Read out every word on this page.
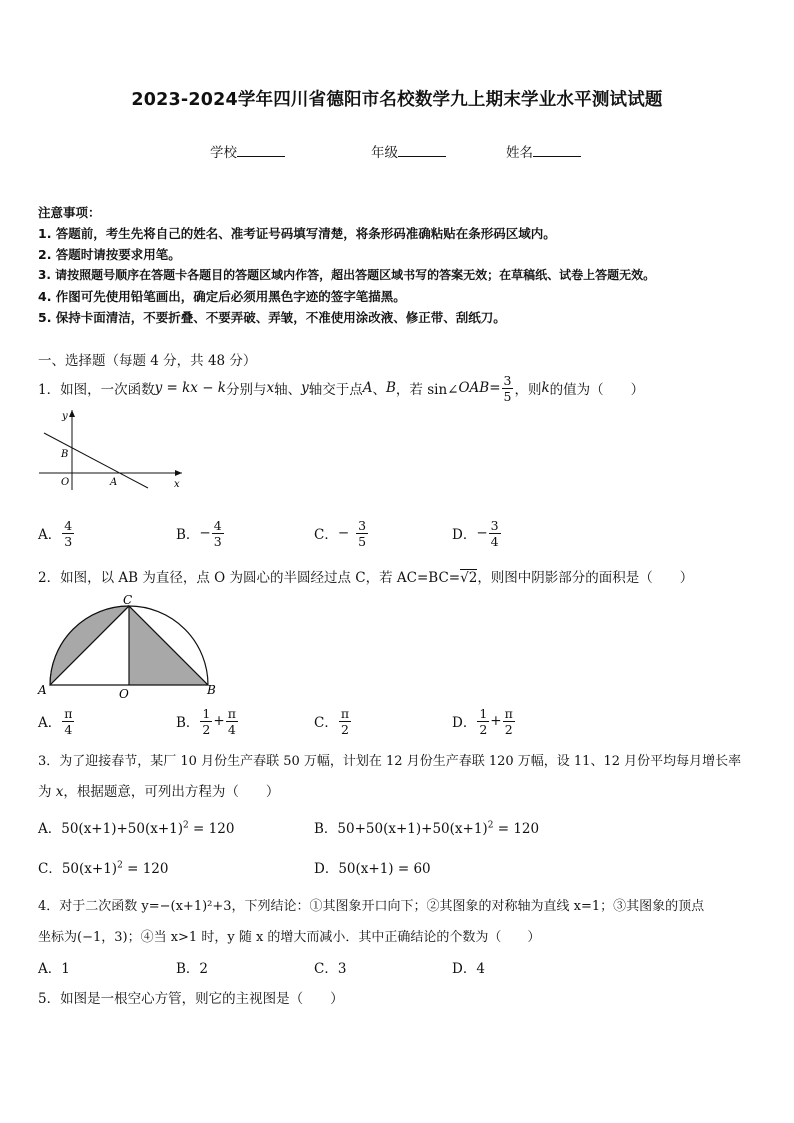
2023-2024学年四川省德阳市名校数学九上期末学业水平测试试题
学校	年级	姓名
注意事项：
1. 答题前，考生先将自己的姓名、准考证号码填写清楚，将条形码准确粘贴在条形码区域内。
2. 答题时请按要求用笔。
3. 请按照题号顺序在答题卡各题目的答题区域内作答，超出答题区域书写的答案无效；在草稿纸、试卷上答题无效。
4. 作图可先使用铅笔画出，确定后必须用黑色字迹的签字笔描黑。
5. 保持卡面清洁，不要折叠、不要弄破、弄皱，不准使用涂改液、修正带、刮纸刀。
一、选择题（每题 4 分，共 48 分）
1．如图，一次函数 y = kx − k 分别与 x 轴、 y 轴交于点 A 、 B ，若 sin∠ OAB = $\frac{3}{5}$ ，则 k 的值为（　　）
y
x
B
O	A
A． $\frac{4}{3}$	B． − $\frac{4}{3}$	C． − $\frac{3}{5}$	D． − $\frac{3}{4}$
2．如图，以 AB 为直径，点 O 为圆心的半圆经过点 C，若 AC=BC=√2，则图中阴影部分的面积是（　　）
C
A	O	B
A． $\frac{\pi}{4}$	B． $\frac{1}{2} + \frac{\pi}{4}$	C． $\frac{\pi}{2}$	D． $\frac{1}{2} + \frac{\pi}{2}$
3．为了迎接春节，某厂 10 月份生产春联 50 万幅，计划在 12 月份生产春联 120 万幅，设 11、12 月份平均每月增长率
为 x，根据题意，可列出方程为（　　）
A．$50(x+1)+50(x+1)^2 = 120$	B．$50+50(x+1)+50(x+1)^2 = 120$
C．$50(x+1)^2 = 120$	D．50(x+1) = 60
4．对于二次函数 y=−(x+1)²+3，下列结论：①其图象开口向下；②其图象的对称轴为直线 x=1；③其图象的顶点
坐标为(−1，3)；④当 x>1 时，y 随 x 的增大而减小．其中正确结论的个数为（　　）
A．1	B．2	C．3	D．4
5．如图是一根空心方管，则它的主视图是（　　）
